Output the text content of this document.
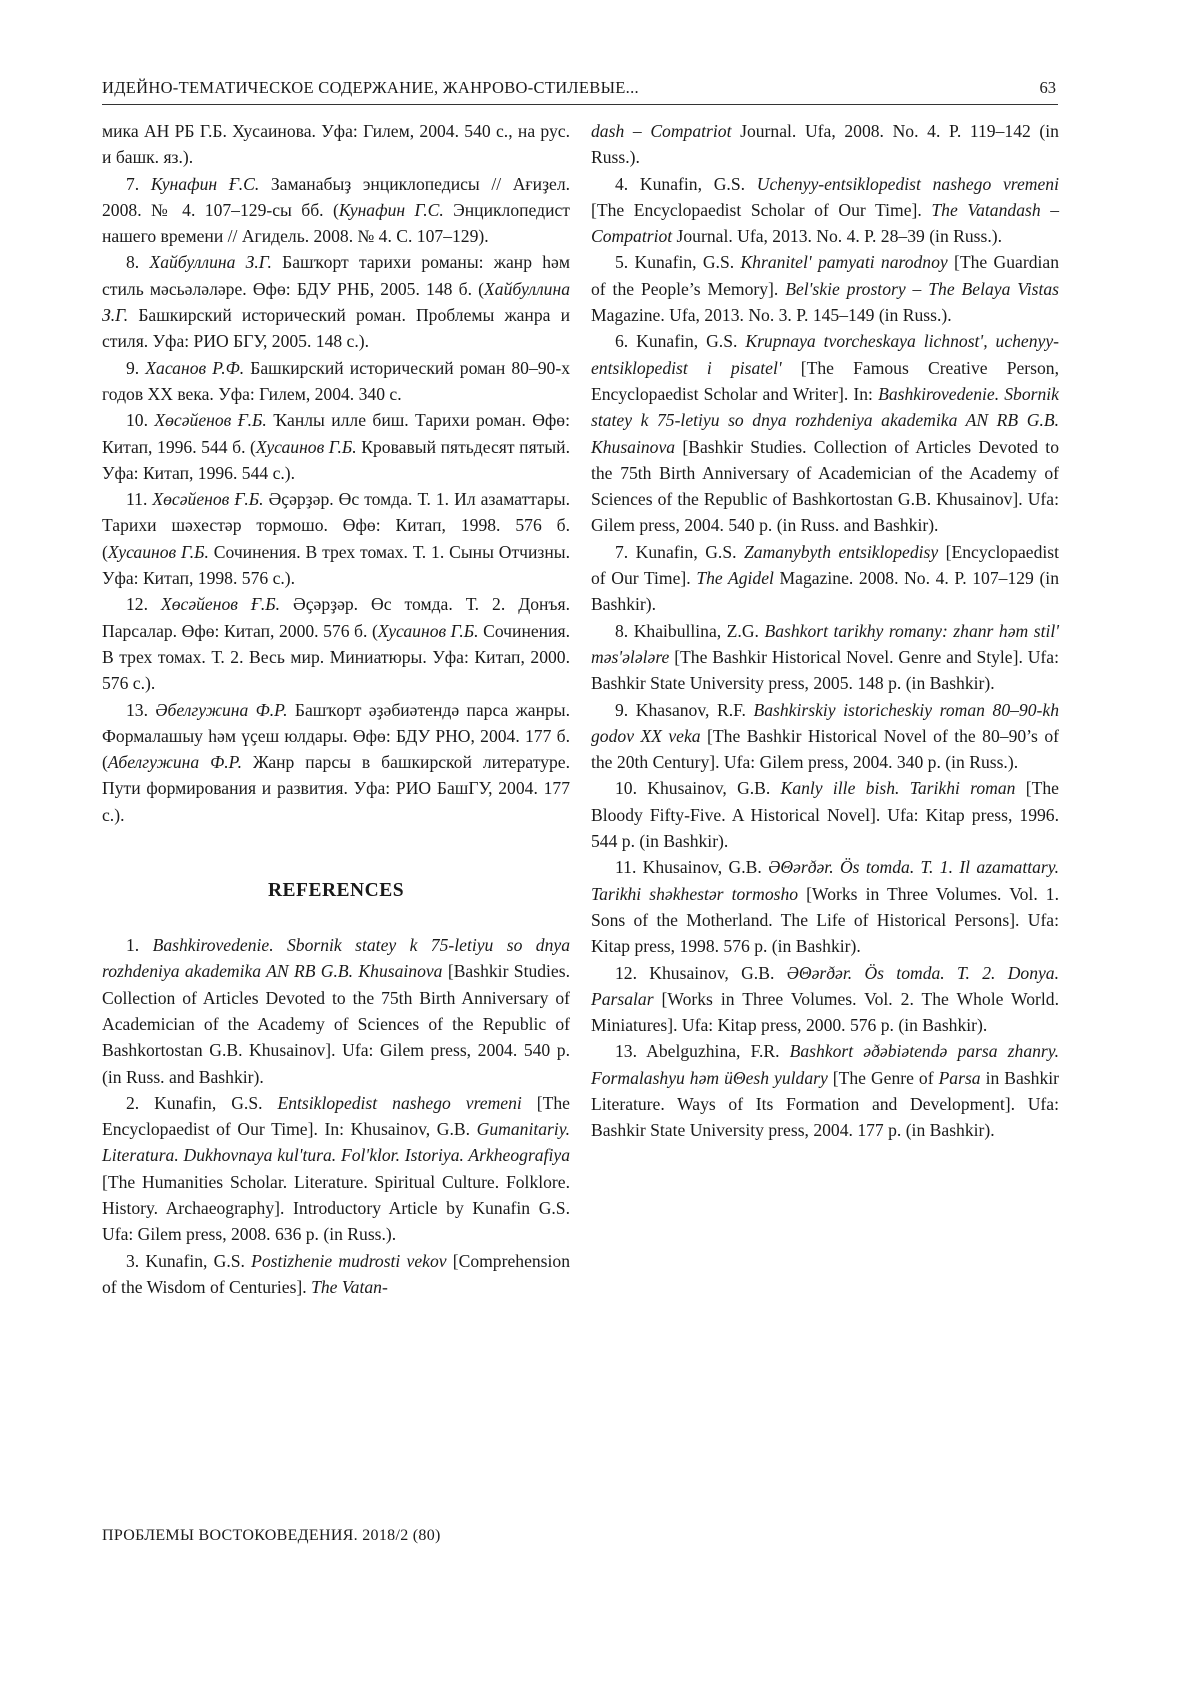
ИДЕЙНО-ТЕМАТИЧЕСКОЕ СОДЕРЖАНИЕ, ЖАНРОВО-СТИЛЕВЫЕ...	63

мика АН РБ Г.Б. Хусаинова. Уфа: Гилем, 2004. 540 с., на рус. и башк. яз.).

7. Кунафин Ғ.С. Заманабыҙ энциклопедисы // Ағиҙел. 2008. № 4. 107–129-сы бб. (Кунафин Г.С. Энциклопедист нашего времени // Агидель. 2008. № 4. С. 107–129).

8. Хайбуллина З.Г. Башҡорт тарихи романы: жанр һәм стиль мәсьәләләре. Өфө: БДУ РНБ, 2005. 148 б. (Хайбуллина З.Г. Башкирский исторический роман. Проблемы жанра и стиля. Уфа: РИО БГУ, 2005. 148 с.).

9. Хасанов Р.Ф. Башкирский исторический роман 80–90-х годов XX века. Уфа: Гилем, 2004. 340 с.

10. Хөсәйенов Ғ.Б. Ҡанлы илле биш. Тарихи роман. Өфө: Китап, 1996. 544 б. (Хусаинов Г.Б. Кровавый пятьдесят пятый. Уфа: Китап, 1996. 544 с.).

11. Хөсәйенов Ғ.Б. Әҫәрҙәр. Өс томда. Т. 1. Ил азаматтары. Тарихи шәхестәр тормошо. Өфө: Китап, 1998. 576 б. (Хусаинов Г.Б. Сочинения. В трех томах. Т. 1. Сыны Отчизны. Уфа: Китап, 1998. 576 с.).

12. Хөсәйенов Ғ.Б. Әҫәрҙәр. Өс томда. Т. 2. Донъя. Парсалар. Өфө: Китап, 2000. 576 б. (Хусаинов Г.Б. Сочинения. В трех томах. Т. 2. Весь мир. Миниатюры. Уфа: Китап, 2000. 576 с.).

13. Әбелгужина Ф.Р. Башҡорт әҙәбиәтендә парса жанры. Формалашыу һәм үҫеш юлдары. Өфө: БДУ РНО, 2004. 177 б. (Абелгужина Ф.Р. Жанр парсы в башкирской литературе. Пути формирования и развития. Уфа: РИО БашГУ, 2004. 177 с.).

REFERENCES

1. Bashkirovedenie. Sbornik statey k 75-letiyu so dnya rozhdeniya akademika AN RB G.B. Khusainova [Bashkir Studies. Collection of Articles Devoted to the 75th Birth Anniversary of Academician of the Academy of Sciences of the Republic of Bashkortostan G.B. Khusainov]. Ufa: Gilem press, 2004. 540 p. (in Russ. and Bashkir).

2. Kunafin, G.S. Entsiklopedist nashego vremeni [The Encyclopaedist of Our Time]. In: Khusainov, G.B. Gumanitariy. Literatura. Dukhovnaya kul'tura. Fol'klor. Istoriya. Arkheografiya [The Humanities Scholar. Literature. Spiritual Culture. Folklore. History. Archaeography]. Introductory Article by Kunafin G.S. Ufa: Gilem press, 2008. 636 p. (in Russ.).

3. Kunafin, G.S. Postizhenie mudrosti vekov [Comprehension of the Wisdom of Centuries]. The Vatan-

dash – Compatriot Journal. Ufa, 2008. No. 4. P. 119–142 (in Russ.).

4. Kunafin, G.S. Uchenyy-entsiklopedist nashego vremeni [The Encyclopaedist Scholar of Our Time]. The Vatandash – Compatriot Journal. Ufa, 2013. No. 4. P. 28–39 (in Russ.).

5. Kunafin, G.S. Khranitel' pamyati narodnoy [The Guardian of the People’s Memory]. Bel'skie prostory – The Belaya Vistas Magazine. Ufa, 2013. No. 3. P. 145–149 (in Russ.).

6. Kunafin, G.S. Krupnaya tvorcheskaya lichnost', uchenyy-entsiklopedist i pisatel' [The Famous Creative Person, Encyclopaedist Scholar and Writer]. In: Bashkirovedenie. Sbornik statey k 75-letiyu so dnya rozhdeniya akademika AN RB G.B. Khusainova [Bashkir Studies. Collection of Articles Devoted to the 75th Birth Anniversary of Academician of the Academy of Sciences of the Republic of Bashkortostan G.B. Khusainov]. Ufa: Gilem press, 2004. 540 p. (in Russ. and Bashkir).

7. Kunafin, G.S. Zamanybyth entsiklopedisy [Encyclopaedist of Our Time]. The Agidel Magazine. 2008. No. 4. P. 107–129 (in Bashkir).

8. Khaibullina, Z.G. Bashkort tarikhy romany: zhanr həm stil' məs'ələləre [The Bashkir Historical Novel. Genre and Style]. Ufa: Bashkir State University press, 2005. 148 p. (in Bashkir).

9. Khasanov, R.F. Bashkirskiy istoricheskiy roman 80–90-kh godov XX veka [The Bashkir Historical Novel of the 80–90’s of the 20th Century]. Ufa: Gilem press, 2004. 340 p. (in Russ.).

10. Khusainov, G.B. Kanly ille bish. Tarikhi roman [The Bloody Fifty-Five. A Historical Novel]. Ufa: Kitap press, 1996. 544 p. (in Bashkir).

11. Khusainov, G.B. ƏΘərðər. Ös tomda. T. 1. Il azamattary. Tarikhi shəkhestər tormosho [Works in Three Volumes. Vol. 1. Sons of the Motherland. The Life of Historical Persons]. Ufa: Kitap press, 1998. 576 p. (in Bashkir).

12. Khusainov, G.B. ƏΘərðər. Ös tomda. T. 2. Donya. Parsalar [Works in Three Volumes. Vol. 2. The Whole World. Miniatures]. Ufa: Kitap press, 2000. 576 p. (in Bashkir).

13. Abelguzhina, F.R. Bashkort əðəbiətendə parsa zhanry. Formalashyu həm üΘesh yuldary [The Genre of Parsa in Bashkir Literature. Ways of Its Formation and Development]. Ufa: Bashkir State University press, 2004. 177 p. (in Bashkir).

ПРОБЛЕМЫ ВОСТОКОВЕДЕНИЯ. 2018/2 (80)
